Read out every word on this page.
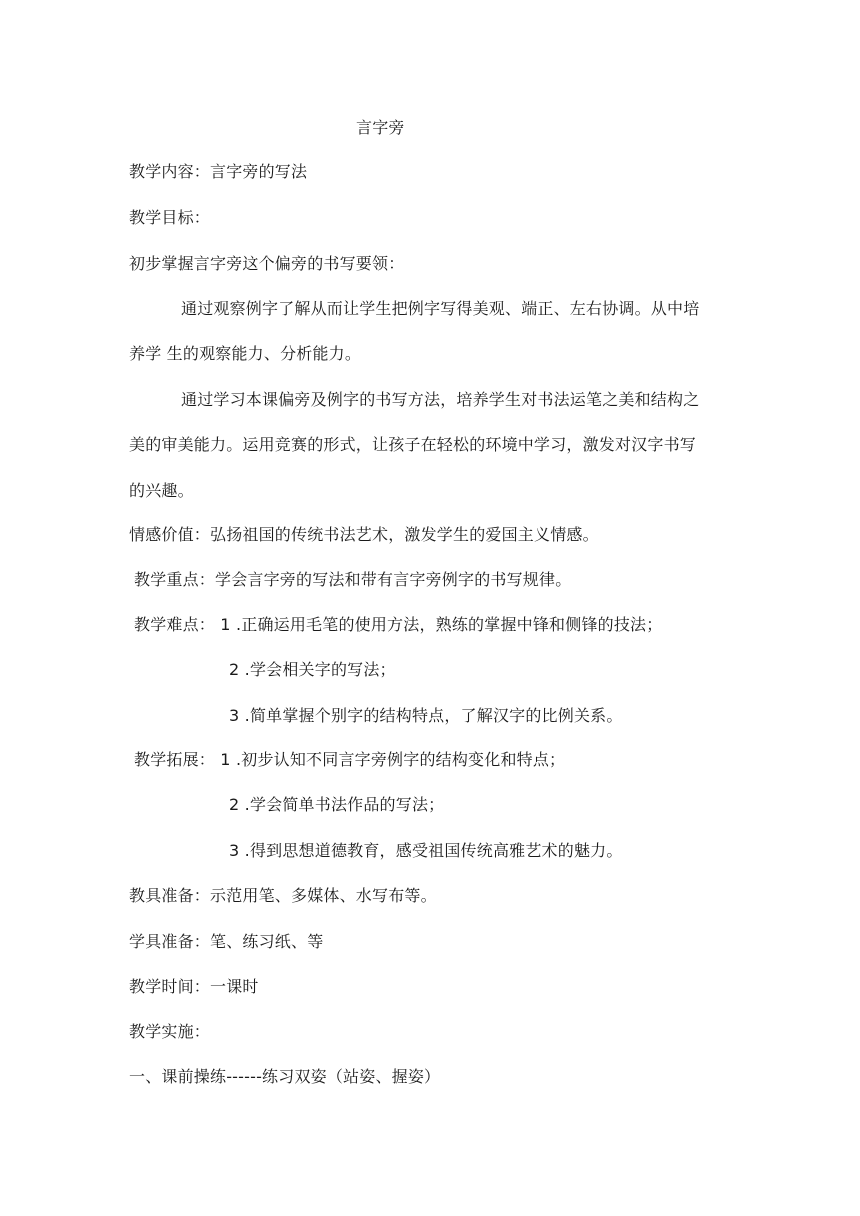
言字旁
教学内容：言字旁的写法
教学目标：
初步掌握言字旁这个偏旁的书写要领：
通过观察例字了解从而让学生把例字写得美观、端正、左右协调。从中培
养学 生的观察能力、分析能力。
通过学习本课偏旁及例字的书写方法，培养学生对书法运笔之美和结构之
美的审美能力。运用竞赛的形式，让孩子在轻松的环境中学习，激发对汉字书写
的兴趣。
情感价值：弘扬祖国的传统书法艺术，激发学生的爱国主义情感。
教学重点：学会言字旁的写法和带有言字旁例字的书写规律。
教学难点： 1 .正确运用毛笔的使用方法，熟练的掌握中锋和侧锋的技法；
2 .学会相关字的写法；
3 .简单掌握个别字的结构特点，了解汉字的比例关系。
教学拓展： 1 .初步认知不同言字旁例字的结构变化和特点；
2 .学会简单书法作品的写法；
3 .得到思想道德教育，感受祖国传统高雅艺术的魅力。
教具准备：示范用笔、多媒体、水写布等。
学具准备：笔、练习纸、等
教学时间：一课时
教学实施：
一、课前操练------练习双姿（站姿、握姿）
